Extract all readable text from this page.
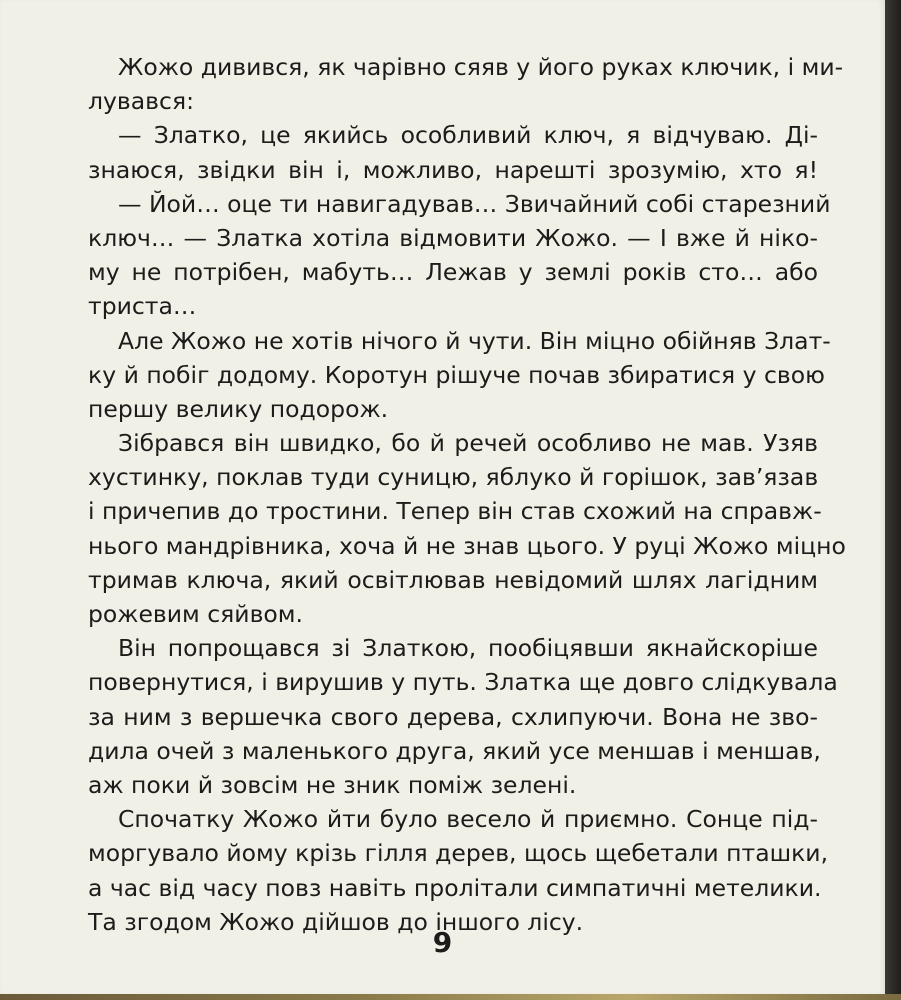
Жожо дивився, як чарівно сяяв у його руках ключик, і ми-
лувався:
— Златко, це якийсь особливий ключ, я відчуваю. Ді-
знаюся, звідки він і, можливо, нарешті зрозумію, хто я!
— Йой… оце ти навигадував… Звичайний собі старезний
ключ… — Златка хотіла відмовити Жожо. — І вже й ніко-
му не потрібен, мабуть… Лежав у землі років сто… або
триста…
Але Жожо не хотів нічого й чути. Він міцно обійняв Злат-
ку й побіг додому. Коротун рішуче почав збиратися у свою
першу велику подорож.
Зібрався він швидко, бо й речей особливо не мав. Узяв
хустинку, поклав туди суницю, яблуко й горішок, зав’язав
і причепив до тростини. Тепер він став схожий на справж-
нього мандрівника, хоча й не знав цього. У руці Жожо міцно
тримав ключа, який освітлював невідомий шлях лагідним
рожевим сяйвом.
Він попрощався зі Златкою, пообіцявши якнайскоріше
повернутися, і вирушив у путь. Златка ще довго слідкувала
за ним з вершечка свого дерева, схлипуючи. Вона не зво-
дила очей з маленького друга, який усе меншав і меншав,
аж поки й зовсім не зник поміж зелені.
Спочатку Жожо йти було весело й приємно. Сонце під-
моргувало йому крізь гілля дерев, щось щебетали пташки,
а час від часу повз навіть пролітали симпатичні метелики.
Та згодом Жожо дійшов до іншого лісу.
9
